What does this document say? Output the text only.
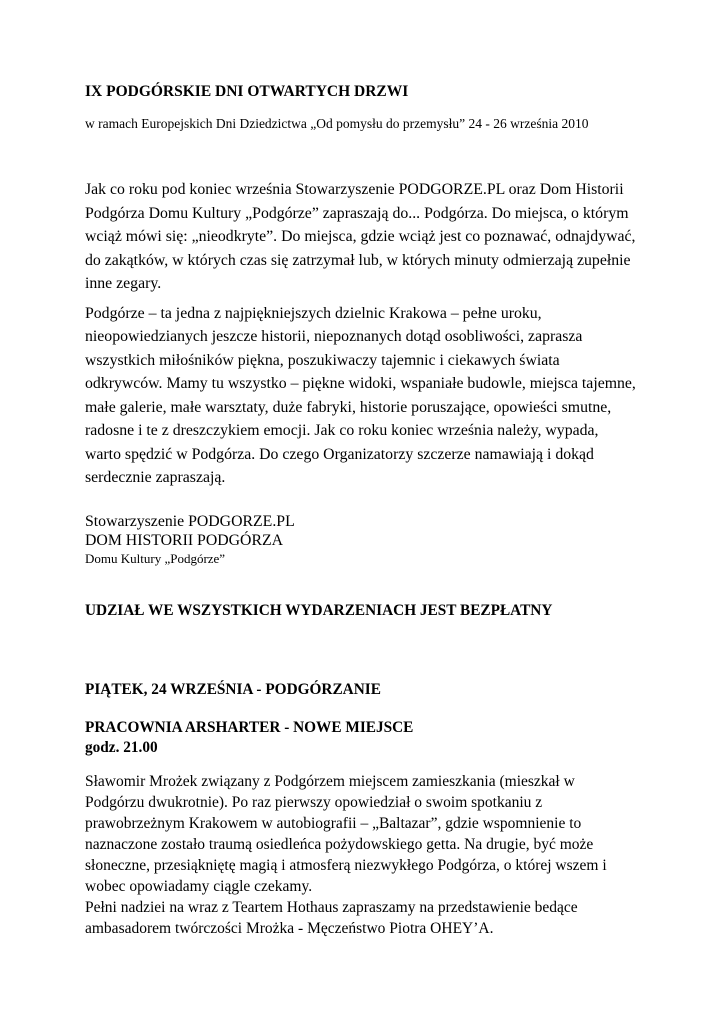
IX PODGÓRSKIE DNI OTWARTYCH DRZWI

w ramach Europejskich Dni Dziedzictwa „Od pomysłu do przemysłu” 24 - 26 września 2010

Jak co roku pod koniec września Stowarzyszenie PODGORZE.PL oraz Dom Historii Podgórza Domu Kultury „Podgórze” zapraszają do... Podgórza. Do miejsca, o którym wciąż mówi się: „nieodkryte”. Do miejsca, gdzie wciąż jest co poznawać, odnajdywać, do zakątków, w których czas się zatrzymał lub, w których minuty odmierzają zupełnie inne zegary.

Podgórze – ta jedna z najpiękniejszych dzielnic Krakowa – pełne uroku, nieopowiedzianych jeszcze historii, niepoznanych dotąd osobliwości, zaprasza wszystkich miłośników piękna, poszukiwaczy tajemnic i ciekawych świata odkrywców. Mamy tu wszystko – piękne widoki, wspaniałe budowle, miejsca tajemne, małe galerie, małe warsztaty, duże fabryki, historie poruszające, opowieści smutne, radosne i te z dreszczykiem emocji. Jak co roku koniec września należy, wypada, warto spędzić w Podgórza. Do czego Organizatorzy szczerze namawiają i dokąd serdecznie zapraszają.

Stowarzyszenie PODGORZE.PL
DOM HISTORII PODGÓRZA
Domu Kultury „Podgórze”

UDZIAŁ WE WSZYSTKICH WYDARZENIACH JEST BEZPŁATNY

PIĄTEK, 24 WRZEŚNIA - PODGÓRZANIE
PRACOWNIA ARSHARTER - NOWE MIEJSCE
godz. 21.00

Sławomir Mrożek związany z Podgórzem miejscem zamieszkania (mieszkał w Podgórzu dwukrotnie). Po raz pierwszy opowiedział o swoim spotkaniu z prawobrzeżnym Krakowem w autobiografii – „Baltazar”, gdzie wspomnienie to naznaczone zostało traumą osiedleńca pożydowskiego getta. Na drugie, być może słoneczne, przesiąkniętę magią i atmosferą niezwykłego Podgórza, o której wszem i wobec opowiadamy ciągle czekamy.

Pełni nadziei na wraz z Teartem Hothaus zapraszamy na przedstawienie bedące ambasadorem twórczości Mrożka - Męczeństwo Piotra OHEY’A.
